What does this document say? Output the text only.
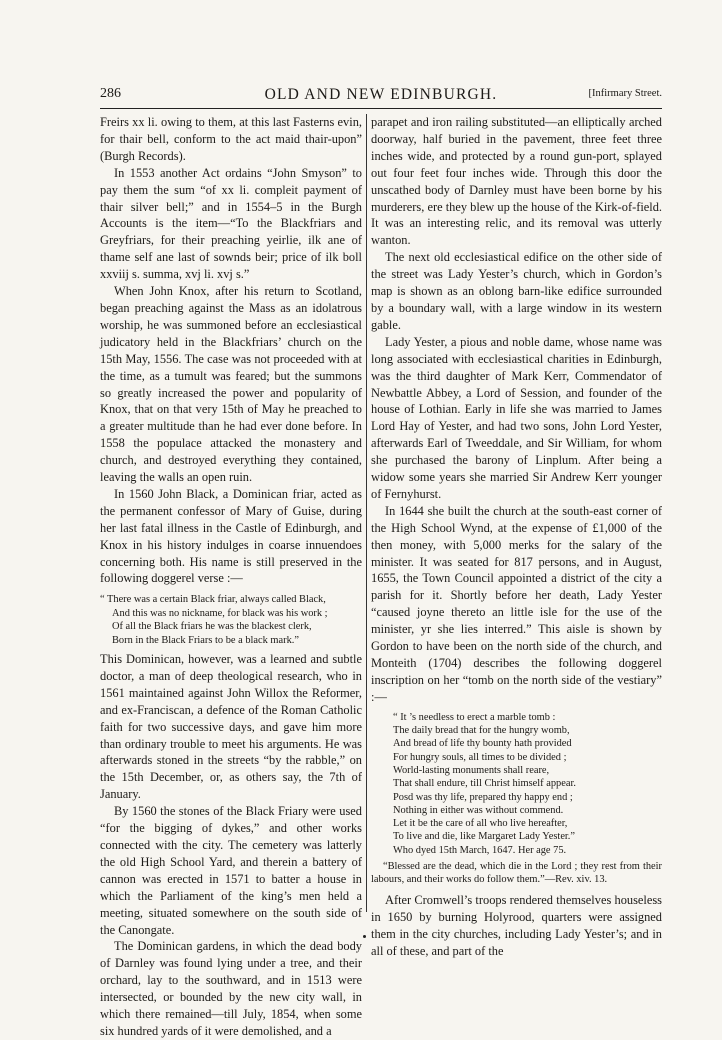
286	OLD AND NEW EDINBURGH.	[Infirmary Street.

Freirs xx li. owing to them, at this last Fasterns evin, for thair bell, conform to the act maid thair-upon” (Burgh Records).

In 1553 another Act ordains “John Smyson” to pay them the sum “of xx li. compleit payment of thair silver bell;” and in 1554–5 in the Burgh Accounts is the item—“To the Blackfriars and Greyfriars, for their preaching yeirlie, ilk ane of thame self ane last of sownds beir; price of ilk boll xxviij s. summa, xvj li. xvj s.”

When John Knox, after his return to Scotland, began preaching against the Mass as an idolatrous worship, he was summoned before an ecclesiastical judicatory held in the Blackfriars’ church on the 15th May, 1556. The case was not proceeded with at the time, as a tumult was feared; but the summons so greatly increased the power and popularity of Knox, that on that very 15th of May he preached to a greater multitude than he had ever done before. In 1558 the populace attacked the monastery and church, and destroyed everything they contained, leaving the walls an open ruin.

In 1560 John Black, a Dominican friar, acted as the permanent confessor of Mary of Guise, during her last fatal illness in the Castle of Edinburgh, and Knox in his history indulges in coarse innuendoes concerning both. His name is still preserved in the following doggerel verse :—

“ There was a certain Black friar, always called Black,
And this was no nickname, for black was his work ;
Of all the Black friars he was the blackest clerk,
Born in the Black Friars to be a black mark.”

This Dominican, however, was a learned and subtle doctor, a man of deep theological research, who in 1561 maintained against John Willox the Reformer, and ex-Franciscan, a defence of the Roman Catholic faith for two successive days, and gave him more than ordinary trouble to meet his arguments. He was afterwards stoned in the streets “by the rabble,” on the 15th December, or, as others say, the 7th of January.

By 1560 the stones of the Black Friary were used “for the bigging of dykes,” and other works connected with the city. The cemetery was latterly the old High School Yard, and therein a battery of cannon was erected in 1571 to batter a house in which the Parliament of the king’s men held a meeting, situated somewhere on the south side of the Canongate.

The Dominican gardens, in which the dead body of Darnley was found lying under a tree, and their orchard, lay to the southward, and in 1513 were intersected, or bounded by the new city wall, in which there remained—till July, 1854, when some six hundred yards of it were demolished, and a

parapet and iron railing substituted—an elliptically arched doorway, half buried in the pavement, three feet three inches wide, and protected by a round gun-port, splayed out four feet four inches wide. Through this door the unscathed body of Darnley must have been borne by his murderers, ere they blew up the house of the Kirk-of-field. It was an interesting relic, and its removal was utterly wanton.

The next old ecclesiastical edifice on the other side of the street was Lady Yester’s church, which in Gordon’s map is shown as an oblong barn-like edifice surrounded by a boundary wall, with a large window in its western gable.

Lady Yester, a pious and noble dame, whose name was long associated with ecclesiastical charities in Edinburgh, was the third daughter of Mark Kerr, Commendator of Newbattle Abbey, a Lord of Session, and founder of the house of Lothian. Early in life she was married to James Lord Hay of Yester, and had two sons, John Lord Yester, afterwards Earl of Tweeddale, and Sir William, for whom she purchased the barony of Linplum. After being a widow some years she married Sir Andrew Kerr younger of Fernyhurst.

In 1644 she built the church at the south-east corner of the High School Wynd, at the expense of £1,000 of the then money, with 5,000 merks for the salary of the minister. It was seated for 817 persons, and in August, 1655, the Town Council appointed a district of the city a parish for it. Shortly before her death, Lady Yester “caused joyne thereto an little isle for the use of the minister, yr she lies interred.” This aisle is shown by Gordon to have been on the north side of the church, and Monteith (1704) describes the following doggerel inscription on her “tomb on the north side of the vestiary” :—

“ It ’s needless to erect a marble tomb :
The daily bread that for the hungry womb,
And bread of life thy bounty hath provided
For hungry souls, all times to be divided ;
World-lasting monuments shall reare,
That shall endure, till Christ himself appear.
Posd was thy life, prepared thy happy end ;
Nothing in either was without commend.
Let it be the care of all who live hereafter,
To live and die, like Margaret Lady Yester.”
Who dyed 15th March, 1647. Her age 75.

“Blessed are the dead, which die in the Lord ; they rest from their labours, and their works do follow them.”—Rev. xiv. 13.

After Cromwell’s troops rendered themselves houseless in 1650 by burning Holyrood, quarters were assigned them in the city churches, including Lady Yester’s; and in all of these, and part of the
